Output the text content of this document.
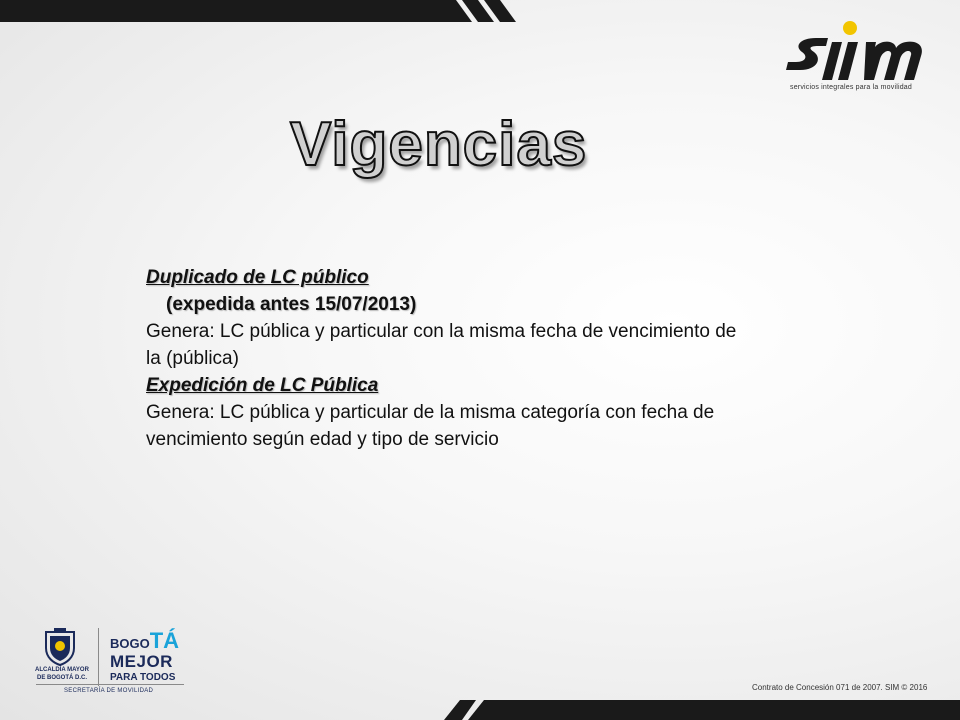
servicios integrales para la movilidad
Vigencias
Duplicado de LC público
(expedida antes 15/07/2013)
Genera: LC pública y particular con la misma fecha de vencimiento de la (pública)
Expedición de LC Pública
Genera: LC pública y particular de la misma categoría con fecha de vencimiento según edad y tipo de servicio
ALCALDÍA MAYOR
DE BOGOTÁ D.C.
BOGOTÁ
MEJOR
PARA TODOS
SECRETARÍA DE MOVILIDAD	Contrato de Concesión 071 de 2007. SIM © 2016
